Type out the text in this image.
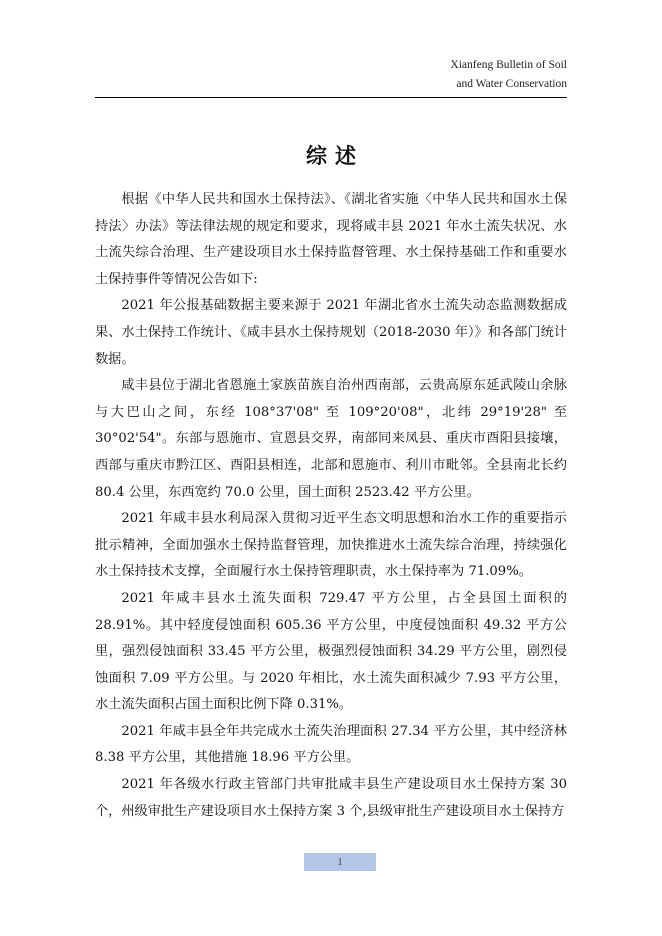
Xianfeng Bulletin of Soil
and Water Conservation
综述

根据《中华人民共和国水土保持法》、《湖北省实施〈中华人民共和国水土保持法〉办法》等法律法规的规定和要求，现将咸丰县 2021 年水土流失状况、水土流失综合治理、生产建设项目水土保持监督管理、水土保持基础工作和重要水土保持事件等情况公告如下:

2021 年公报基础数据主要来源于 2021 年湖北省水土流失动态监测数据成果、水土保持工作统计、《咸丰县水土保持规划（2018-2030 年）》和各部门统计数据。

咸丰县位于湖北省恩施土家族苗族自治州西南部，云贵高原东延武陵山余脉与大巴山之间，东经 108°37'08" 至 109°20'08"，北纬 29°19'28" 至 30°02'54"。东部与恩施市、宣恩县交界，南部同来凤县、重庆市酉阳县接壤，西部与重庆市黔江区、酉阳县相连，北部和恩施市、利川市毗邻。全县南北长约 80.4 公里，东西宽约 70.0 公里，国土面积 2523.42 平方公里。

2021 年咸丰县水利局深入贯彻习近平生态文明思想和治水工作的重要指示批示精神，全面加强水土保持监督管理，加快推进水土流失综合治理，持续强化水土保持技术支撑，全面履行水土保持管理职责，水土保持率为 71.09%。

2021 年咸丰县水土流失面积 729.47 平方公里，占全县国土面积的 28.91%。其中轻度侵蚀面积 605.36 平方公里，中度侵蚀面积 49.32 平方公里，强烈侵蚀面积 33.45 平方公里，极强烈侵蚀面积 34.29 平方公里，剧烈侵蚀面积 7.09 平方公里。与 2020 年相比，水土流失面积减少 7.93 平方公里，水土流失面积占国土面积比例下降 0.31%。

2021 年咸丰县全年共完成水土流失治理面积 27.34 平方公里，其中经济林 8.38 平方公里，其他措施 18.96 平方公里。

2021 年各级水行政主管部门共审批咸丰县生产建设项目水土保持方案 30 个，州级审批生产建设项目水土保持方案 3 个,县级审批生产建设项目水土保持方

1
